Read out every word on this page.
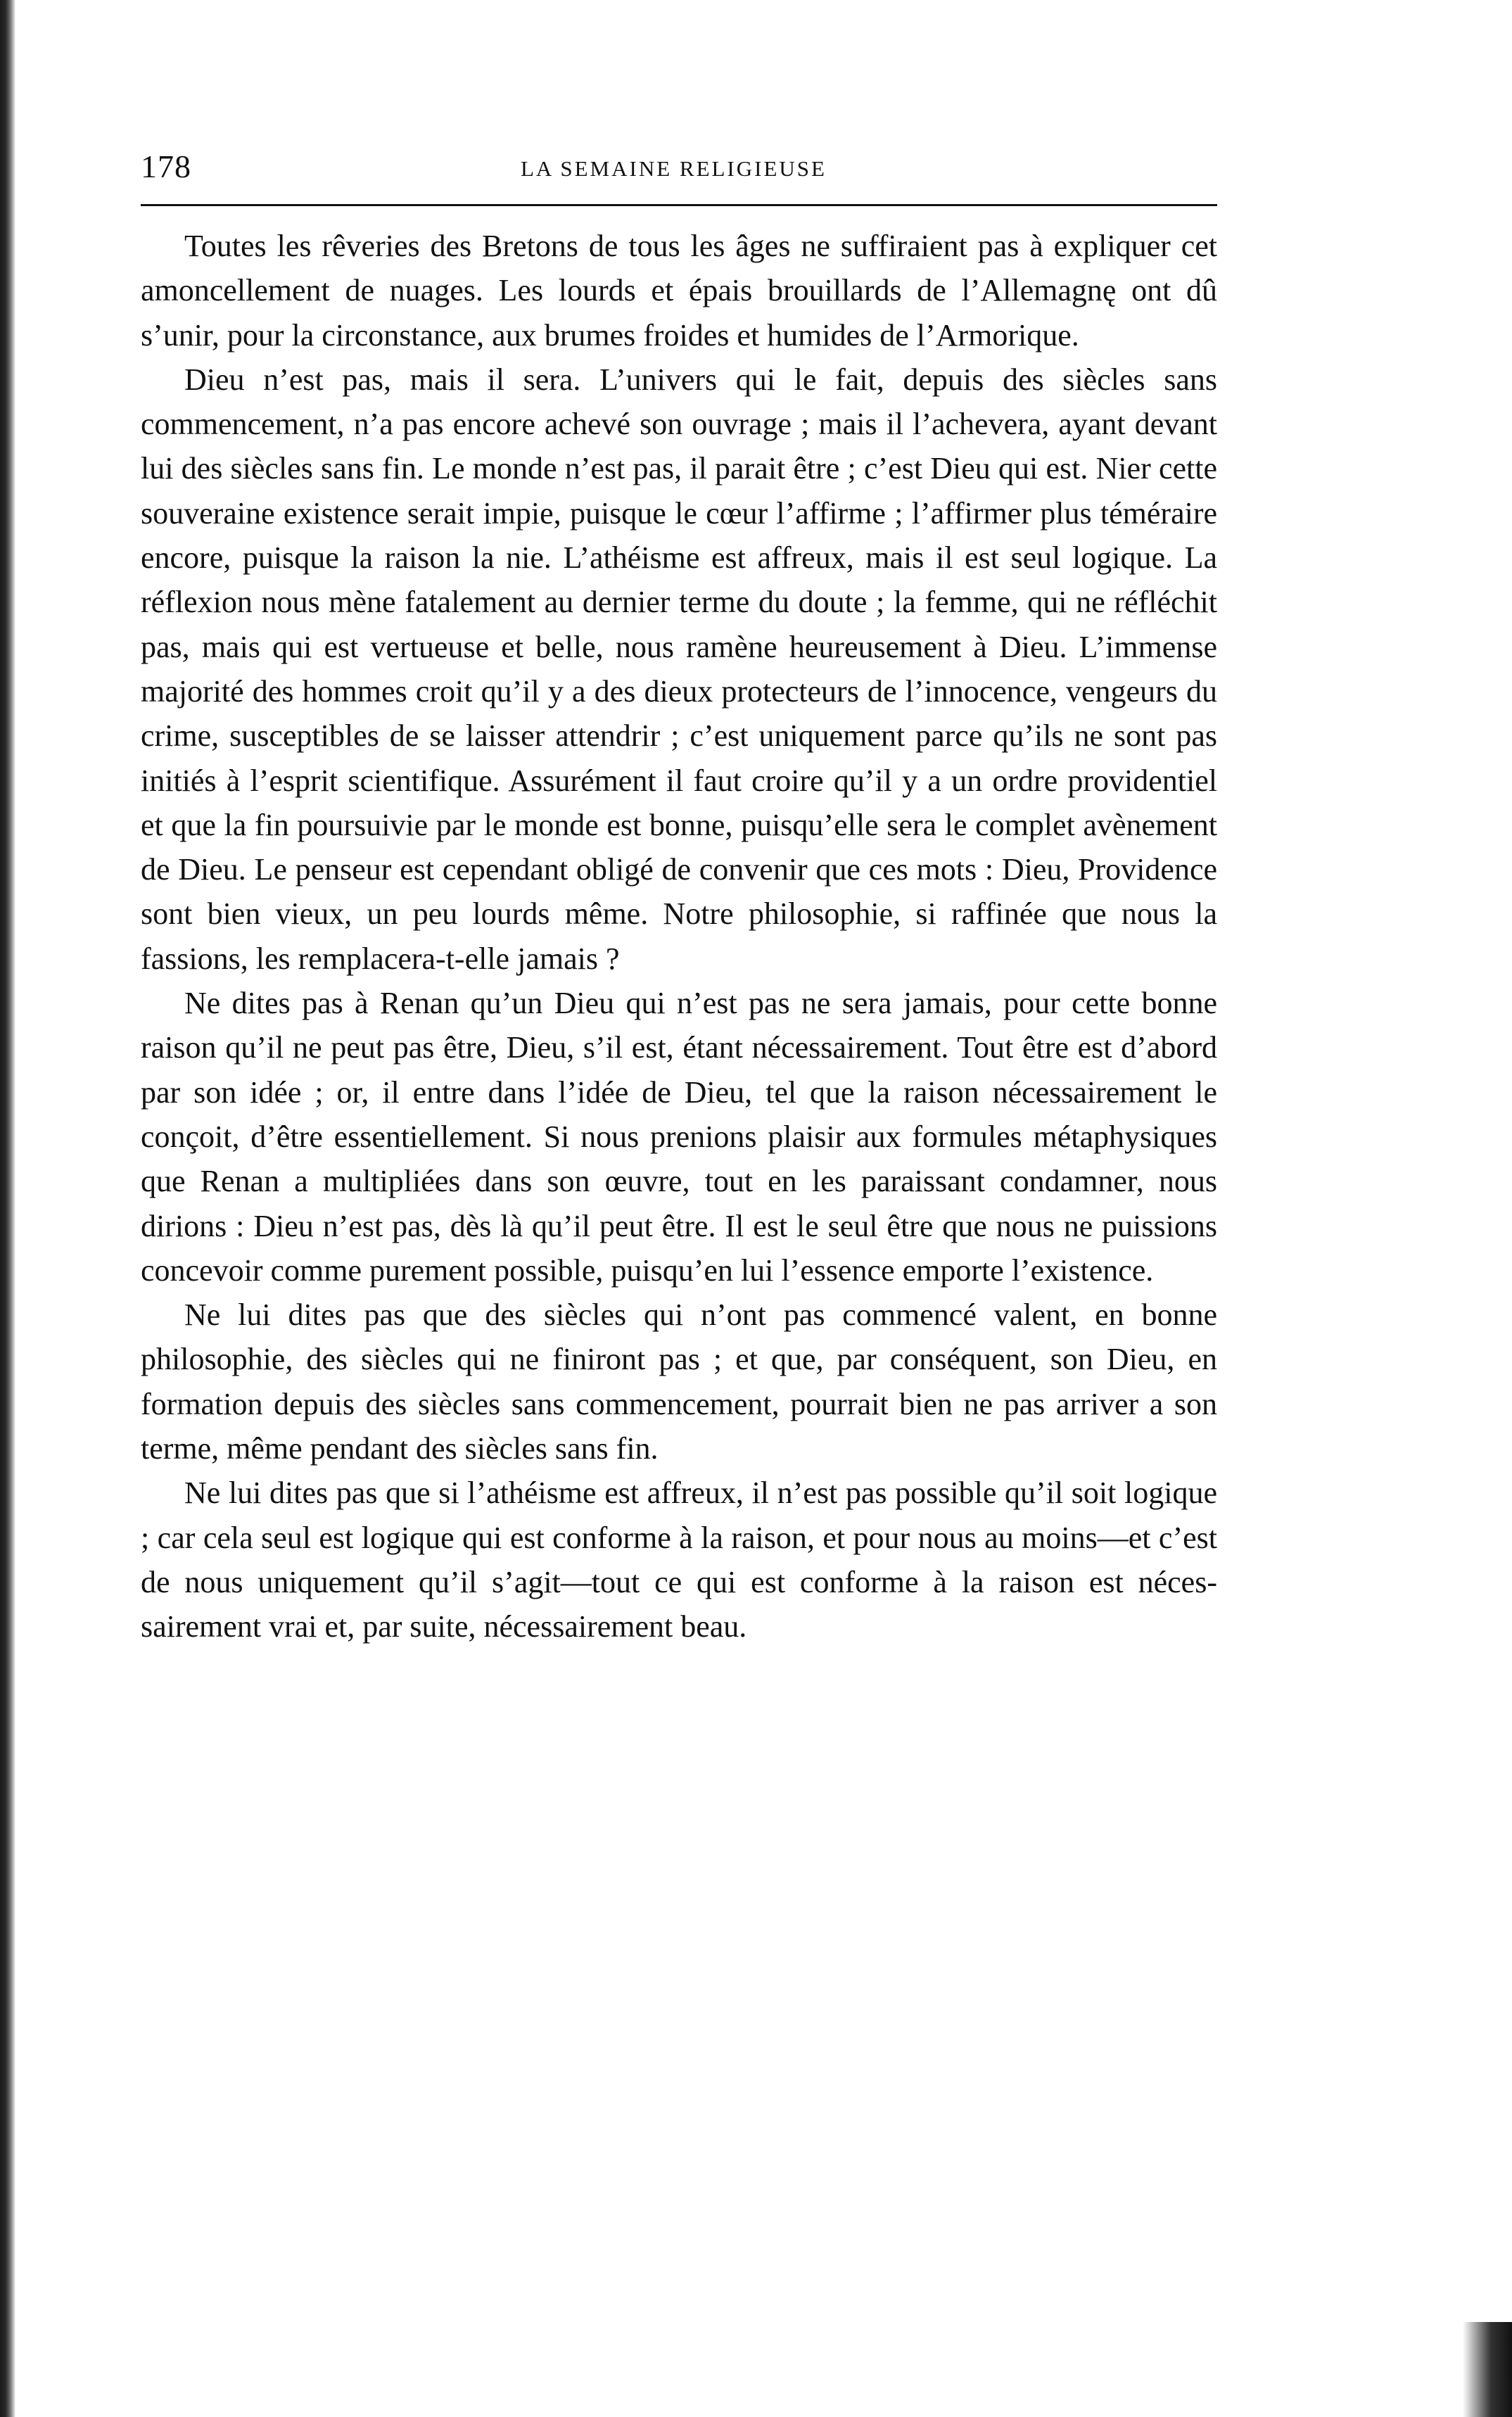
178	LA SEMAINE RELIGIEUSE

Toutes les rêveries des Bretons de tous les âges ne suffiraient pas à expliquer cet amoncellement de nuages. Les lourds et épais brouillards de l’Allemagnę ont dû s’unir, pour la circonstance, aux brumes froides et humides de l’Armorique.

Dieu n’est pas, mais il sera. L’univers qui le fait, depuis des siècles sans commencement, n’a pas encore achevé son ouvrage ; mais il l’achevera, ayant devant lui des siècles sans fin. Le monde n’est pas, il parait être ; c’est Dieu qui est. Nier cette souveraine existence serait impie, puisque le cœur l’affirme ; l’affirmer plus téméraire encore, puisque la raison la nie. L’athéisme est affreux, mais il est seul logique. La réflexion nous mène fatalement au dernier terme du doute ; la femme, qui ne réfléchit pas, mais qui est vertueuse et belle, nous ramène heureusement à Dieu. L’immense majorité des hommes croit qu’il y a des dieux protecteurs de l’innocence, vengeurs du crime, susceptibles de se laisser attendrir ; c’est uniquement parce qu’ils ne sont pas initiés à l’esprit scientifique. Assurément il faut croire qu’il y a un ordre providentiel et que la fin poursuivie par le monde est bonne, puisqu’elle sera le complet avènement de Dieu. Le penseur est cependant obligé de convenir que ces mots : Dieu, Providence sont bien vieux, un peu lourds même. Notre philosophie, si raffinée que nous la fassions, les remplacera-t-elle jamais ?

Ne dites pas à Renan qu’un Dieu qui n’est pas ne sera jamais, pour cette bonne raison qu’il ne peut pas être, Dieu, s’il est, étant nécessairement. Tout être est d’abord par son idée ; or, il entre dans l’idée de Dieu, tel que la raison nécessairement le conçoit, d’être essentiellement. Si nous prenions plaisir aux formules métaphysiques que Renan a multipliées dans son œuvre, tout en les paraissant condamner, nous dirions : Dieu n’est pas, dès là qu’il peut être. Il est le seul être que nous ne puissions concevoir comme purement possible, puisqu’en lui l’essence emporte l’existence.

Ne lui dites pas que des siècles qui n’ont pas commencé valent, en bonne philosophie, des siècles qui ne finiront pas ; et que, par conséquent, son Dieu, en formation depuis des siècles sans commencement, pourrait bien ne pas arriver a son terme, même pendant des siècles sans fin.

Ne lui dites pas que si l’athéisme est affreux, il n’est pas possible qu’il soit logique ; car cela seul est logique qui est conforme à la raison, et pour nous au moins—et c’est de nous uniquement qu’il s’agit—tout ce qui est conforme à la raison est nécessairement vrai et, par suite, nécessairement beau.
